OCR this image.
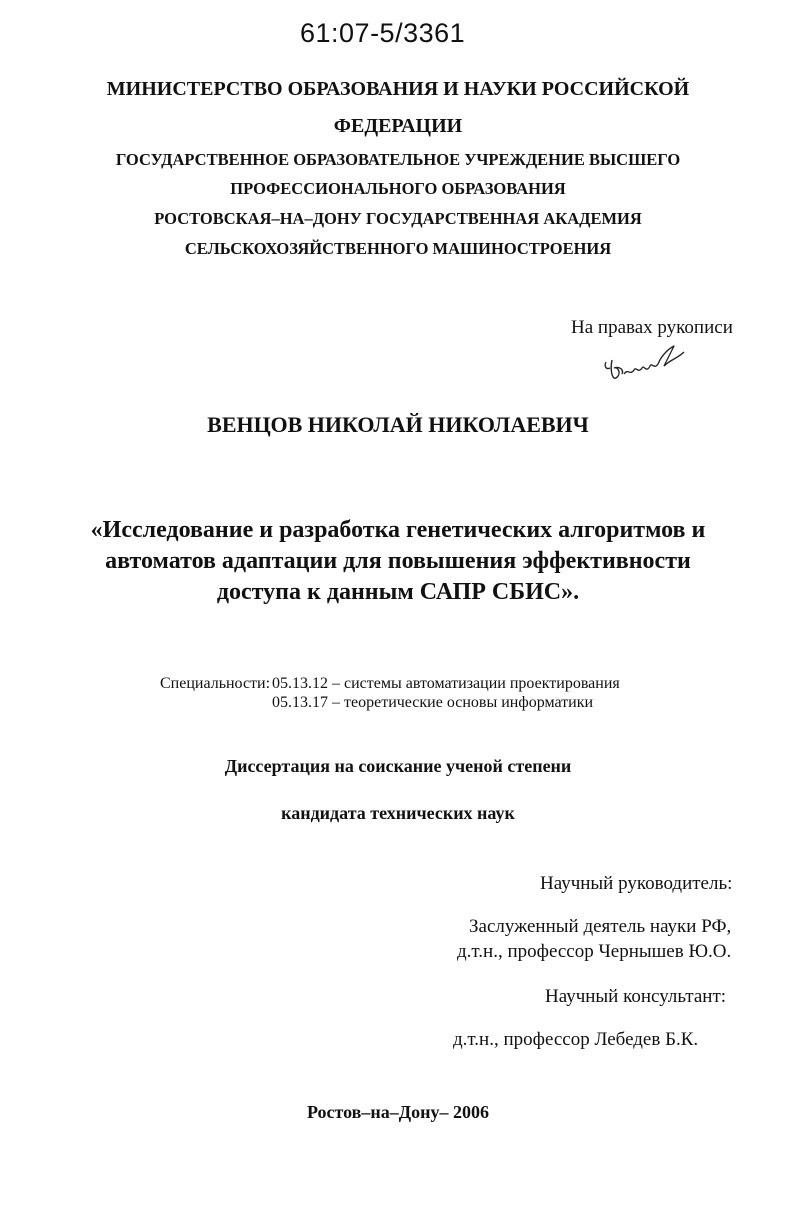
61:07-5/3361
МИНИСТЕРСТВО ОБРАЗОВАНИЯ И НАУКИ РОССИЙСКОЙ
ФЕДЕРАЦИИ
ГОСУДАРСТВЕННОЕ ОБРАЗОВАТЕЛЬНОЕ УЧРЕЖДЕНИЕ ВЫСШЕГО
ПРОФЕССИОНАЛЬНОГО ОБРАЗОВАНИЯ
РОСТОВСКАЯ–НА–ДОНУ ГОСУДАРСТВЕННАЯ АКАДЕМИЯ
СЕЛЬСКОХОЗЯЙСТВЕННОГО МАШИНОСТРОЕНИЯ
На правах рукописи
ВЕНЦОВ НИКОЛАЙ НИКОЛАЕВИЧ
«Исследование и разработка генетических алгоритмов и
автоматов адаптации для повышения эффективности
доступа к данным САПР СБИС».
Специальности: 05.13.12 – системы автоматизации проектирования
05.13.17 – теоретические основы информатики
Диссертация на соискание ученой степени
кандидата технических наук
Научный руководитель:
Заслуженный деятель науки РФ,
д.т.н., профессор Чернышев Ю.О.
Научный консультант:
д.т.н., профессор Лебедев Б.К.
Ростов–на–Дону– 2006
